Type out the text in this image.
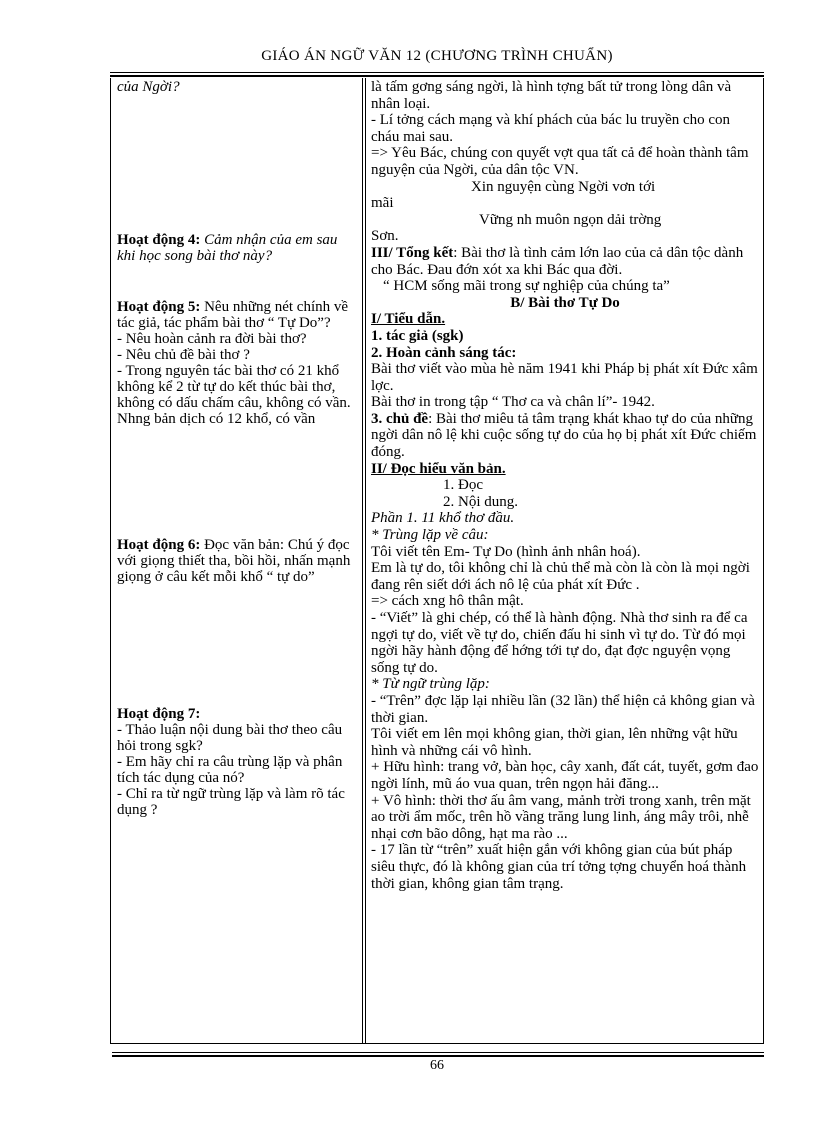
GIÁO ÁN NGỮ VĂN 12 (CHƯƠNG TRÌNH CHUẨN)
của Ngời?
Hoạt động 4: Cảm nhận của em sau khi học song bài thơ này?

Hoạt động 5: Nêu những nét chính về tác giả, tác phẩm bài thơ “ Tự Do”?

- Nêu hoàn cảnh ra đời bài thơ?

- Nêu chủ đề bài thơ ?

- Trong nguyên tác bài thơ có 21 khổ không kể 2 từ tự do kết thúc bài thơ, không có dấu chấm câu, không có vần.

Nhng bản dịch có 12 khổ, có vần

Hoạt động 6: Đọc văn bản: Chú ý đọc với giọng thiết tha, bồi hồi, nhấn mạnh giọng ở câu kết mỗi khổ “ tự do”

Hoạt động 7:

- Thảo luận nội dung bài thơ theo câu hỏi trong sgk?

- Em hãy chỉ ra câu trùng lặp và phân tích tác dụng của nó?

- Chỉ ra từ ngữ trùng lặp và làm rõ tác dụng ?

là tấm gơng sáng ngời, là hình tợng bất tử trong lòng dân và nhân loại.

- Lí tởng cách mạng và khí phách của bác lu truyền cho con cháu mai sau.

=> Yêu Bác, chúng con quyết vợt qua tất cả để hoàn thành tâm nguyện của Ngời, của dân tộc VN.

Xin nguyện cùng Ngời vơn tới

mãi

Vững nh muôn ngọn dải trờng

Sơn.

III/ Tổng kết: Bài thơ là tình cảm lớn lao của cả dân tộc dành cho Bác. Đau đớn xót xa khi Bác qua đời.

“ HCM sống mãi trong sự nghiệp của chúng ta”

B/ Bài thơ Tự Do

I/ Tiểu dẫn.

1. tác giả (sgk)

2. Hoàn cảnh sáng tác:

Bài thơ viết vào mùa hè năm 1941 khi Pháp bị phát xít Đức xâm lợc.

Bài thơ in trong tập “ Thơ ca và chân lí”- 1942.

3. chủ đề: Bài thơ miêu tả tâm trạng khát khao tự do của những ngời dân nô lệ khi cuộc sống tự do của họ bị phát xít Đức chiếm đóng.

II/ Đọc hiểu văn bản.

1. Đọc

2. Nội dung.

Phần 1. 11 khổ thơ đầu.

* Trùng lặp về câu:

Tôi viết tên Em- Tự Do (hình ảnh nhân hoá).

Em là tự do, tôi không chỉ là chủ thể mà còn là còn là mọi ngời đang rên siết dới ách nô lệ của phát xít Đức .

=> cách xng hô thân mật.

- “Viết” là ghi chép, có thể là hành động. Nhà thơ sinh ra để ca ngợi tự do, viết về tự do, chiến đấu hi sinh vì tự do. Từ đó mọi ngời hãy hành động để hớng tới tự do, đạt đợc nguyện vọng sống tự do.

* Từ ngữ trùng lặp:

- “Trên” đợc lặp lại nhiều lần (32 lần) thể hiện cả không gian và thời gian.

Tôi viết em lên mọi không gian, thời gian, lên những vật hữu hình và những cái vô hình.

+ Hữu hình: trang vở, bàn học, cây xanh, đất cát, tuyết, gơm đao ngời lính, mũ áo vua quan, trên ngọn hải đăng...

+ Vô hình: thời thơ ấu âm vang, mảnh trời trong xanh, trên mặt ao trời ẩm mốc, trên hồ vầng trăng lung linh, áng mây trôi, nhễ nhại cơn bão dông, hạt ma rào ...

- 17 lần từ “trên” xuất hiện gắn với không gian của bút pháp siêu thực, đó là không gian của trí tởng tợng chuyển hoá thành thời gian, không gian tâm trạng.

66
